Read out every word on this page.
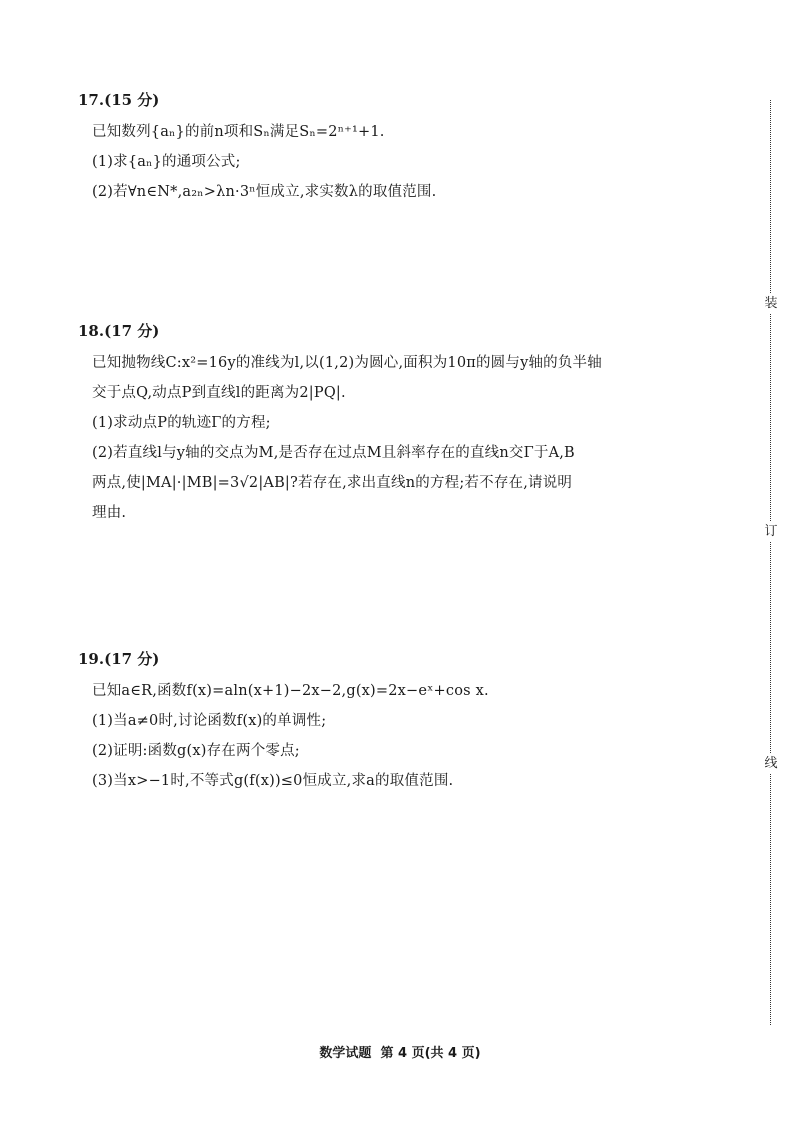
17.(15 分)
已知数列{aₙ}的前n项和Sₙ满足Sₙ=2ⁿ⁺¹+1.
(1)求{aₙ}的通项公式;
(2)若∀n∈N*,a₂ₙ>λn·3ⁿ恒成立,求实数λ的取值范围.
18.(17 分)
已知抛物线C:x²=16y的准线为l,以(1,2)为圆心,面积为10π的圆与y轴的负半轴
交于点Q,动点P到直线l的距离为2|PQ|.
(1)求动点P的轨迹Γ的方程;
(2)若直线l与y轴的交点为M,是否存在过点M且斜率存在的直线n交Γ于A,B
两点,使|MA|·|MB|=3√2|AB|?若存在,求出直线n的方程;若不存在,请说明
理由.
19.(17 分)
已知a∈R,函数f(x)=aln(x+1)−2x−2,g(x)=2x−eˣ+cos x.
(1)当a≠0时,讨论函数f(x)的单调性;
(2)证明:函数g(x)存在两个零点;
(3)当x>−1时,不等式g(f(x))≤0恒成立,求a的取值范围.
装
订
线
数学试题  第 4 页(共 4 页)
